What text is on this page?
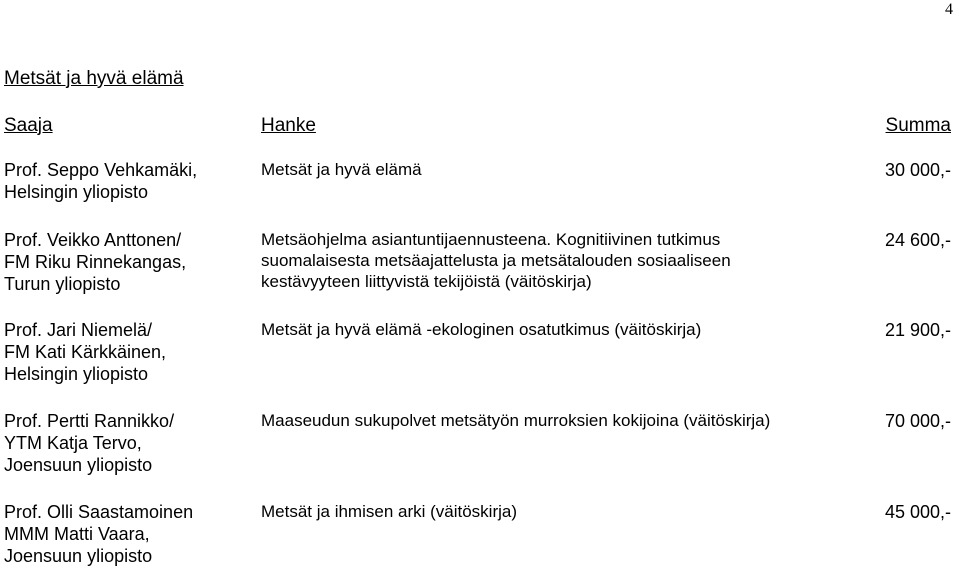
4
Metsät ja hyvä elämä
Saaja	Hanke	Summa
Prof. Seppo Vehkamäki,
Helsingin yliopisto
Metsät ja hyvä elämä	30 000,-
Prof. Veikko Anttonen/
FM Riku Rinnekangas,
Turun yliopisto
Metsäohjelma asiantuntijaennusteena. Kognitiivinen tutkimus
suomalaisesta metsäajattelusta ja metsätalouden sosiaaliseen
kestävyyteen liittyvistä tekijöistä (väitöskirja)
24 600,-
Prof. Jari Niemelä/
FM Kati Kärkkäinen,
Helsingin yliopisto
Metsät ja hyvä elämä -ekologinen osatutkimus (väitöskirja)	21 900,-
Prof. Pertti Rannikko/
YTM Katja Tervo,
Joensuun yliopisto
Maaseudun sukupolvet metsätyön murroksien kokijoina (väitöskirja)	70 000,-
Prof. Olli Saastamoinen
MMM Matti Vaara,
Joensuun yliopisto
Metsät ja ihmisen arki (väitöskirja)	45 000,-
